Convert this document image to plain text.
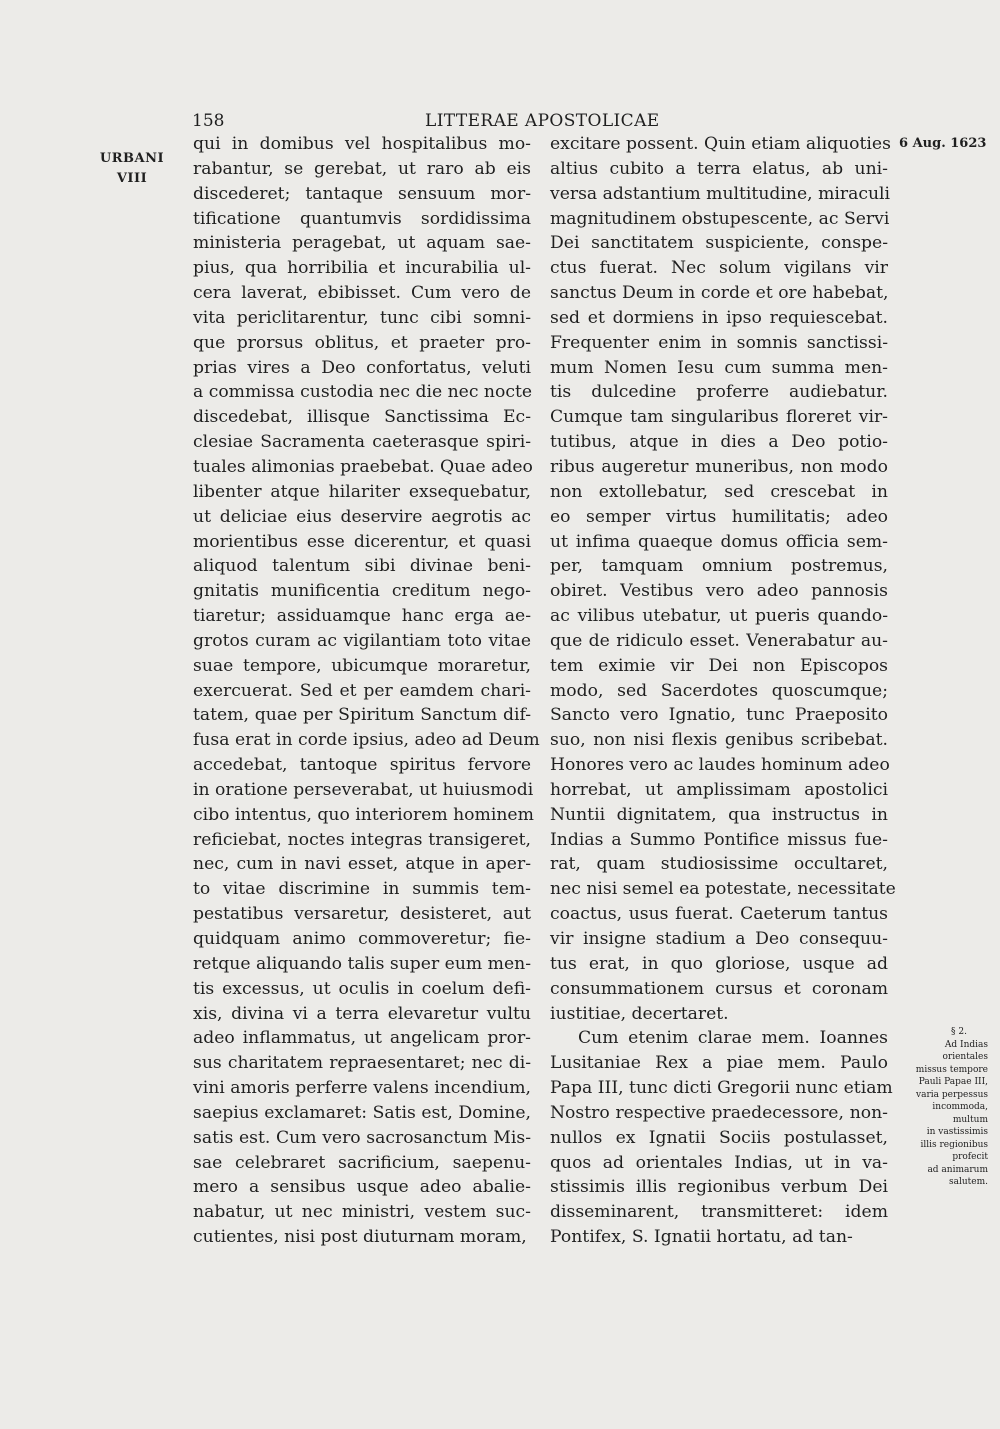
158	LITTERAE APOSTOLICAE
URBANI
VIII
6 Aug. 1623
§ 2.
Ad Indias
orientales
missus tempore
Pauli Papae III,
varia perpessus
incommoda,
multum
in vastissimis
illis regionibus
profecit
ad animarum
salutem.
qui in domibus vel hospitalibus mo-
rabantur, se gerebat, ut raro ab eis
discederet; tantaque sensuum mor-
tificatione quantumvis sordidissima
ministeria peragebat, ut aquam sae-
pius, qua horribilia et incurabilia ul-
cera laverat, ebibisset. Cum vero de
vita periclitarentur, tunc cibi somni-
que prorsus oblitus, et praeter pro-
prias vires a Deo confortatus, veluti
a commissa custodia nec die nec nocte
discedebat, illisque Sanctissima Ec-
clesiae Sacramenta caeterasque spiri-
tuales alimonias praebebat. Quae adeo
libenter atque hilariter exsequebatur,
ut deliciae eius deservire aegrotis ac
morientibus esse dicerentur, et quasi
aliquod talentum sibi divinae beni-
gnitatis munificentia creditum nego-
tiaretur; assiduamque hanc erga ae-
grotos curam ac vigilantiam toto vitae
suae tempore, ubicumque moraretur,
exercuerat. Sed et per eamdem chari-
tatem, quae per Spiritum Sanctum dif-
fusa erat in corde ipsius, adeo ad Deum
accedebat, tantoque spiritus fervore
in oratione perseverabat, ut huiusmodi
cibo intentus, quo interiorem hominem
reficiebat, noctes integras transigeret,
nec, cum in navi esset, atque in aper-
to vitae discrimine in summis tem-
pestatibus versaretur, desisteret, aut
quidquam animo commoveretur; fie-
retque aliquando talis super eum men-
tis excessus, ut oculis in coelum defi-
xis, divina vi a terra elevaretur vultu
adeo inflammatus, ut angelicam pror-
sus charitatem repraesentaret; nec di-
vini amoris perferre valens incendium,
saepius exclamaret: Satis est, Domine,
satis est. Cum vero sacrosanctum Mis-
sae celebraret sacrificium, saepenu-
mero a sensibus usque adeo abalie-
nabatur, ut nec ministri, vestem suc-
cutientes, nisi post diuturnam moram,
excitare possent. Quin etiam aliquoties
altius cubito a terra elatus, ab uni-
versa adstantium multitudine, miraculi
magnitudinem obstupescente, ac Servi
Dei sanctitatem suspiciente, conspe-
ctus fuerat. Nec solum vigilans vir
sanctus Deum in corde et ore habebat,
sed et dormiens in ipso requiescebat.
Frequenter enim in somnis sanctissi-
mum Nomen Iesu cum summa men-
tis dulcedine proferre audiebatur.
Cumque tam singularibus floreret vir-
tutibus, atque in dies a Deo potio-
ribus augeretur muneribus, non modo
non extollebatur, sed crescebat in
eo semper virtus humilitatis; adeo
ut infima quaeque domus officia sem-
per, tamquam omnium postremus,
obiret. Vestibus vero adeo pannosis
ac vilibus utebatur, ut pueris quando-
que de ridiculo esset. Venerabatur au-
tem eximie vir Dei non Episcopos
modo, sed Sacerdotes quoscumque;
Sancto vero Ignatio, tunc Praeposito
suo, non nisi flexis genibus scribebat.
Honores vero ac laudes hominum adeo
horrebat, ut amplissimam apostolici
Nuntii dignitatem, qua instructus in
Indias a Summo Pontifice missus fue-
rat, quam studiosissime occultaret,
nec nisi semel ea potestate, necessitate
coactus, usus fuerat. Caeterum tantus
vir insigne stadium a Deo consequu-
tus erat, in quo gloriose, usque ad
consummationem cursus et coronam
iustitiae, decertaret.
Cum etenim clarae mem. Ioannes
Lusitaniae Rex a piae mem. Paulo
Papa III, tunc dicti Gregorii nunc etiam
Nostro respective praedecessore, non-
nullos ex Ignatii Sociis postulasset,
quos ad orientales Indias, ut in va-
stissimis illis regionibus verbum Dei
disseminarent, transmitteret: idem
Pontifex, S. Ignatii hortatu, ad tan-
